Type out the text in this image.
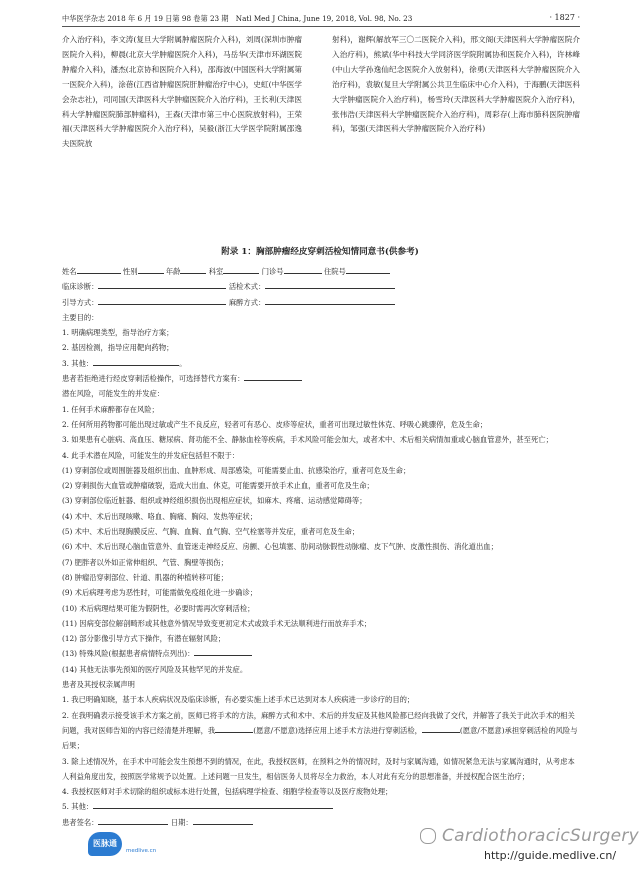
中华医学杂志 2018 年 6 月 19 日第 98 卷第 23 期　Natl Med J China, June 19, 2018, Vol. 98, No. 23	· 1827 ·
介入治疗科)，李文涛(复旦大学附属肿瘤医院介入科)，刘周(深圳市肿瘤医院介入科)，柳晨(北京大学肿瘤医院介入科)，马岳华(天津市环湖医院肿瘤介入科)，潘杰(北京协和医院介入科)，邵海波(中国医科大学附属第一医院介入科)，涂蓓(江西省肿瘤医院肝肿瘤治疗中心)，史虹(中华医学会杂志社)，司同国(天津医科大学肿瘤医院介入治疗科)，王长利(天津医科大学肿瘤医院肺部肿瘤科)，王森(天津市第三中心医院放射科)，王荣福(天津医科大学肿瘤医院介入治疗科)，吴毅(浙江大学医学院附属邵逸夫医院放
射科)，谢辉(解放军三〇二医院介入科)，邢文阁(天津医科大学肿瘤医院介入治疗科)，熊斌(华中科技大学同济医学院附属协和医院介入科)，许林峰(中山大学孙逸仙纪念医院介入放射科)，徐勇(天津医科大学肿瘤医院介入治疗科)，袁敏(复旦大学附属公共卫生临床中心介入科)，于海鹏(天津医科大学肿瘤医院介入治疗科)，杨雪玲(天津医科大学肿瘤医院介入治疗科)，张伟浩(天津医科大学肿瘤医院介入治疗科)，周彩存(上海市肺科医院肿瘤科)，邹强(天津医科大学肿瘤医院介入治疗科)
附录 1：胸部肿瘤经皮穿刺活检知情同意书(供参考)
姓名	性别	年龄	科室	门诊号	住院号
临床诊断：	活检术式：
引导方式：	麻醉方式：
主要目的：
1. 明确病理类型，指导治疗方案；
2. 基因检测，指导应用靶向药物；
3. 其他：	。
患者若拒绝进行经皮穿刺活检操作，可选择替代方案有：
潜在风险，可能发生的并发症：
1. 任何手术麻醉都存在风险；
2. 任何所用药物都可能出现过敏或产生不良反应，轻者可有恶心、皮疹等症状，重者可出现过敏性休克、呼吸心跳骤停，危及生命；
3. 如果患有心脏病、高血压、糖尿病、肾功能不全、静脉血栓等疾病，手术风险可能会加大，或者术中、术后相关病情加重或心脑血管意外，甚至死亡；
4. 此手术潜在风险，可能发生的并发症包括但不限于：
(1) 穿刺部位或周围脏器及组织出血、血肿形成、局部感染，可能需要止血、抗感染治疗，重者可危及生命；
(2) 穿刺损伤大血管或肿瘤破裂，造成大出血、休克，可能需要开放手术止血，重者可危及生命；
(3) 穿刺部位临近脏器、组织或神经组织损伤出现相应症状，如麻木、疼痛、运动感觉障碍等；
(4) 术中、术后出现咳嗽、咯血、胸痛、胸闷、发热等症状；
(5) 术中、术后出现胸膜反应、气胸、血胸、血气胸、空气栓塞等并发症，重者可危及生命；
(6) 术中、术后出现心脑血管意外、血管迷走神经反应、房颤、心包填塞、肋间动脉假性动脉瘤、皮下气肿、皮激性损伤、消化道出血；
(7) 肥胖者以外如正常伸组织、气管、胸壁等损伤；
(8) 肿瘤沿穿刺部位、针道、肌器的种植转移可能；
(9) 术后病理考虑为恶性时，可能需做免疫组化进一步确诊；
(10) 术后病理结果可能为假阴性，必要时需再次穿刺活检；
(11) 因病变部位解剖畸形或其他意外情况导致变更初定术式或致手术无法顺利进行而放弃手术；
(12) 部分影像引导方式下操作，有潜在辐射风险；
(13) 特殊风险(根据患者病情特点列出)：
(14) 其他无法事先预知的医疗风险及其他罕见的并发症。
患者及其授权亲属声明
1. 我已明确知晓，基于本人疾病状况及临床诊断，有必要实施上述手术已达到对本人疾病进一步诊疗的目的；
2. 在我明确表示接受该手术方案之前，医师已将手术的方法，麻醉方式和术中、术后的并发症及其他风险都已经向我做了交代，并解答了我关于此次手术的相关问题，我对医师告知的内容已经清楚并理解，我	(愿意/不愿意)选择应用上述手术方法进行穿刺活检，	(愿意/不愿意)承担穿刺活检的风险与后果；
3. 除上述情况外，在手术中可能会发生预想不到的情况，在此，我授权医师，在预料之外的情况时，及时与家属沟通，如情况紧急无法与家属沟通时，从考虑本人利益角度出发，按照医学常规予以处置。上述问题一旦发生，相信医务人员将尽全力救治，本人对此有充分的思想准备，并授权配合医生治疗；
4. 我授权医师对手术切除的组织或标本进行处置，包括病理学检查、细胞学检查等以及医疗废物处理；
5. 其他：
患者签名：	日期：
医脉通
medlive.cn
CardiothoracicSurgery
http://guide.medlive.cn/
